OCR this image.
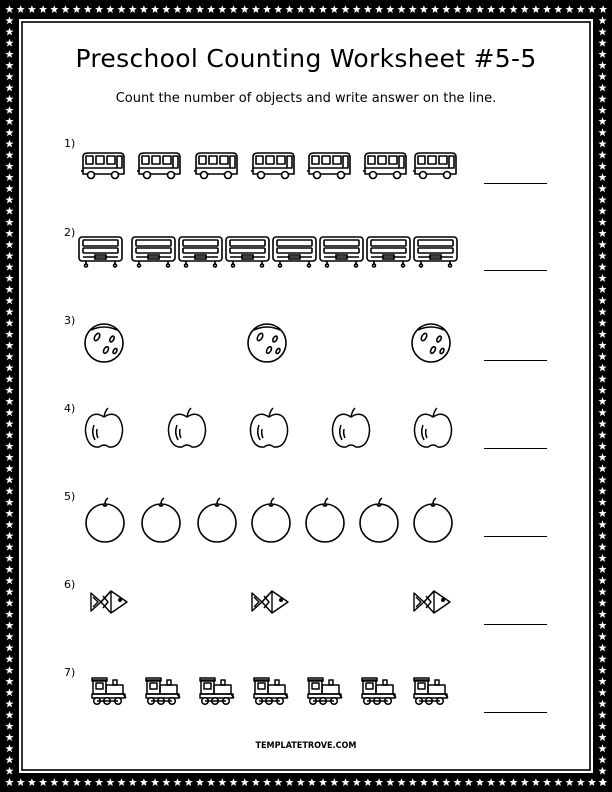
Preschool Counting Worksheet #5-5
Count the number of objects and write answer on the line.
1)
2)
3)
4)
5)
6)
7)
TEMPLATETROVE.COM
